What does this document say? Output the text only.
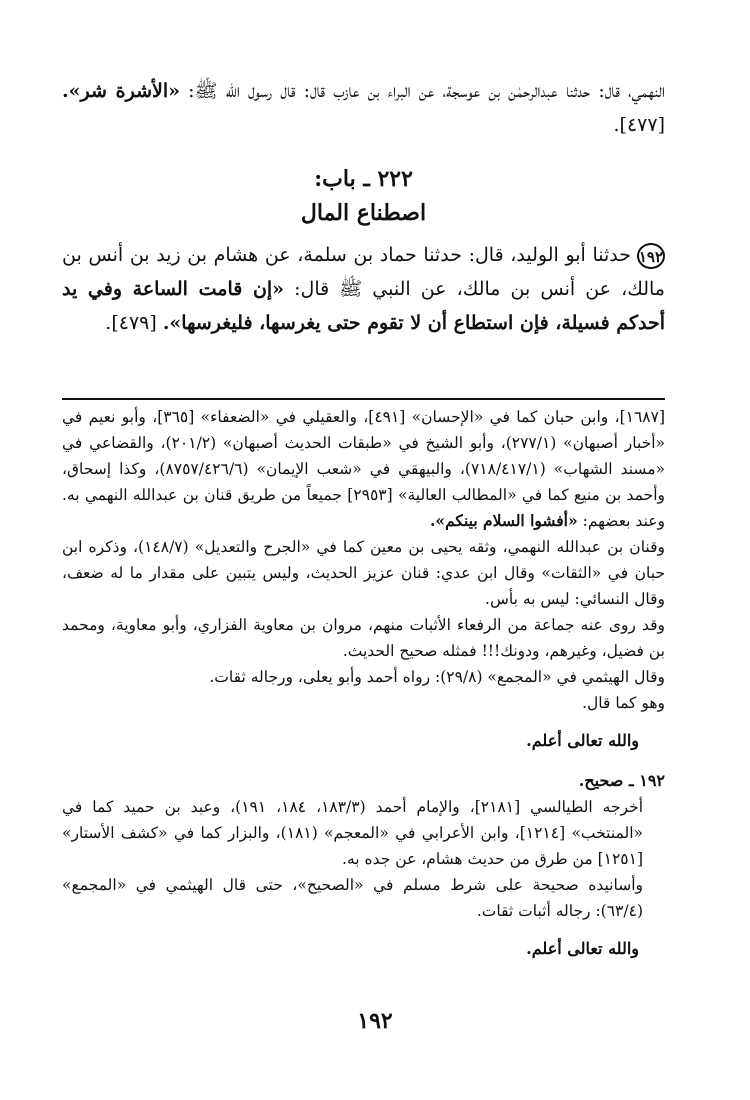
النهمي، قال: حدثنا عبدالرحمٰن بن عوسجة، عن البراء بن عازب قال: قال رسول الله ﷺ: «الأشرة شر». [٤٧٧].

٢٢٢ ـ باب:
اصطناع المال

١٩٢حدثنا أبو الوليد، قال: حدثنا حماد بن سلمة، عن هشام بن زيد بن أنس بن مالك، عن أنس بن مالك، عن النبي ﷺ قال: «إن قامت الساعة وفي يد أحدكم فسيلة، فإن استطاع أن لا تقوم حتى يغرسها، فليغرسها». [٤٧٩].

[١٦٨٧]، وابن حبان كما في «الإحسان» [٤٩١]، والعقيلي في «الضعفاء» [٣٦٥]، وأبو نعيم في «أخبار أصبهان» (٢٧٧/١)، وأبو الشيخ في «طبقات الحديث أصبهان» (٢٠١/٢)، والقضاعي في «مسند الشهاب» (٧١٨/٤١٧/١)، والبيهقي في «شعب الإيمان» (٨٧٥٧/٤٢٦/٦)، وكذا إسحاق، وأحمد بن منيع كما في «المطالب العالية» [٢٩٥٣] جميعاً من طريق قنان بن عبدالله النهمي به. وعند بعضهم: «أفشوا السلام بينكم».

وقنان بن عبدالله النهمي، وثقه يحيى بن معين كما في «الجرح والتعديل» (١٤٨/٧)، وذكره ابن حبان في «الثقات» وقال ابن عدي: قنان عزيز الحديث، وليس يتبين على مقدار ما له ضعف، وقال النسائي: ليس به بأس.

وقد روى عنه جماعة من الرفعاء الأثبات منهم، مروان بن معاوية الفزاري، وأبو معاوية، ومحمد بن فضيل، وغيرهم، ودونك!!! فمثله صحيح الحديث.

وقال الهيثمي في «المجمع» (٢٩/٨): رواه أحمد وأبو يعلى، ورجاله ثقات.

وهو كما قال.

والله تعالى أعلم.

١٩٢ ـ صحيح.

أخرجه الطيالسي [٢١٨١]، والإمام أحمد (١٨٣/٣، ١٨٤، ١٩١)، وعبد بن حميد كما في «المنتخب» [١٢١٤]، وابن الأعرابي في «المعجم» (١٨١)، والبزار كما في «كشف الأستار» [١٢٥١] من طرق من حديث هشام، عن جده به.

وأسانيده صحيحة على شرط مسلم في «الصحيح»، حتى قال الهيثمي في «المجمع» (٦٣/٤): رجاله أثبات ثقات.

والله تعالى أعلم.

١٩٢
